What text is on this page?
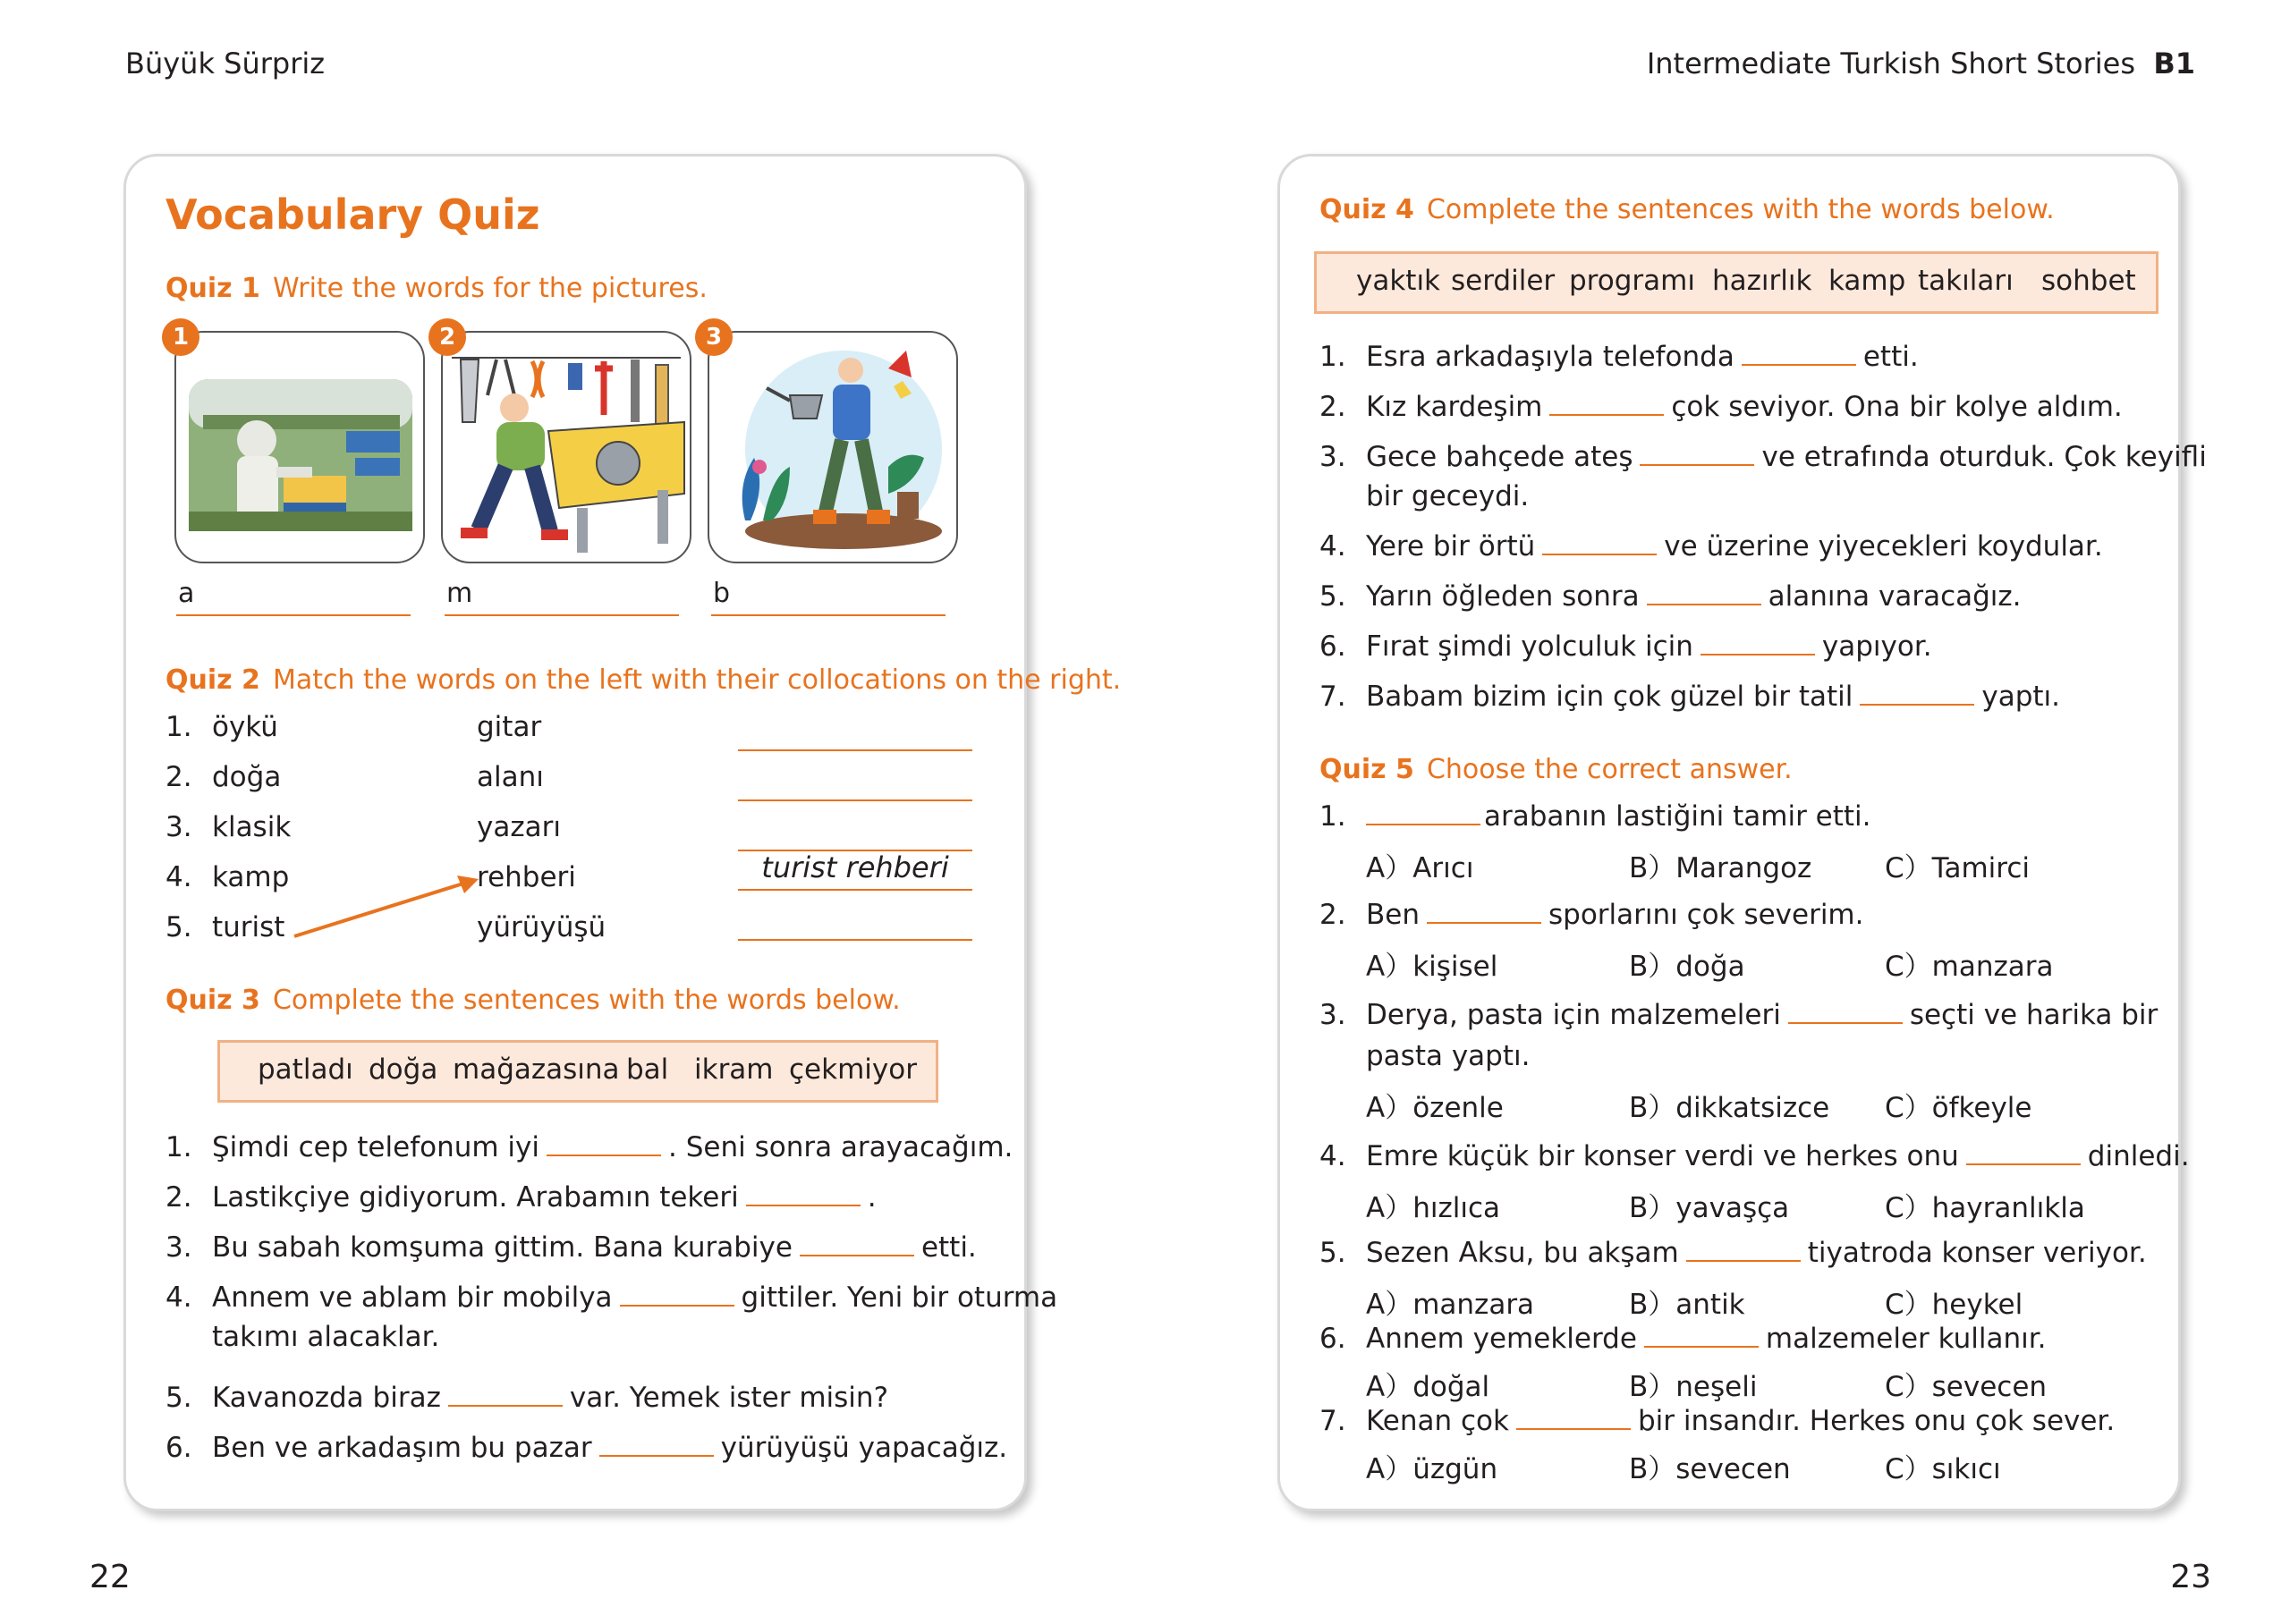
Büyük Sürpriz	Intermediate Turkish Short Stories B1
Vocabulary Quiz
Quiz 1 Write the words for the pictures.
1	2	3
a	m	b
Quiz 2 Match the words on the left with their collocations on the right.
1. öykü	gitar
2. doğa	alanı
3. klasik	yazarı
4. kamp	rehberi	turist rehberi
5. turist	yürüyüşü
Quiz 3 Complete the sentences with the words below.
patladı doğa mağazasına bal ikram çekmiyor
1. Şimdi cep telefonum iyi	. Seni sonra arayacağım.
2. Lastikçiye gidiyorum. Arabamın tekeri	.
3. Bu sabah komşuma gittim. Bana kurabiye	etti.
4. Annem ve ablam bir mobilya	gittiler. Yeni bir oturma
takımı alacaklar.
5. Kavanozda biraz	var. Yemek ister misin?
6. Ben ve arkadaşım bu pazar	yürüyüşü yapacağız.
Quiz 4 Complete the sentences with the words below.
yaktık serdiler programı hazırlık kamp takıları sohbet
1. Esra arkadaşıyla telefonda	etti.
2. Kız kardeşim	çok seviyor. Ona bir kolye aldım.
3. Gece bahçede ateş	ve etrafında oturduk. Çok keyifli
bir geceydi.
4. Yere bir örtü	ve üzerine yiyecekleri koydular.
5. Yarın öğleden sonra	alanına varacağız.
6. Fırat şimdi yolculuk için	yapıyor.
7. Babam bizim için çok güzel bir tatil	yaptı.
Quiz 5 Choose the correct answer.
1.	arabanın lastiğini tamir etti.
A）Arıcı	B）Marangoz	C）Tamirci
2. Ben	sporlarını çok severim.
A）kişisel	B）doğa	C）manzara
3. Derya, pasta için malzemeleri	seçti ve harika bir
pasta yaptı.
A）özenle	B）dikkatsizce C）öfkeyle
4. Emre küçük bir konser verdi ve herkes onu	dinledi.
A）hızlıca	B）yavaşça	C）hayranlıkla
5. Sezen Aksu, bu akşam	tiyatroda konser veriyor.
A）manzara	B）antik	C）heykel
6. Annem yemeklerde	malzemeler kullanır.
A）doğal	B）neşeli	C）sevecen
7. Kenan çok	bir insandır. Herkes onu çok sever.
A）üzgün	B）sevecen	C）sıkıcı
22	23
